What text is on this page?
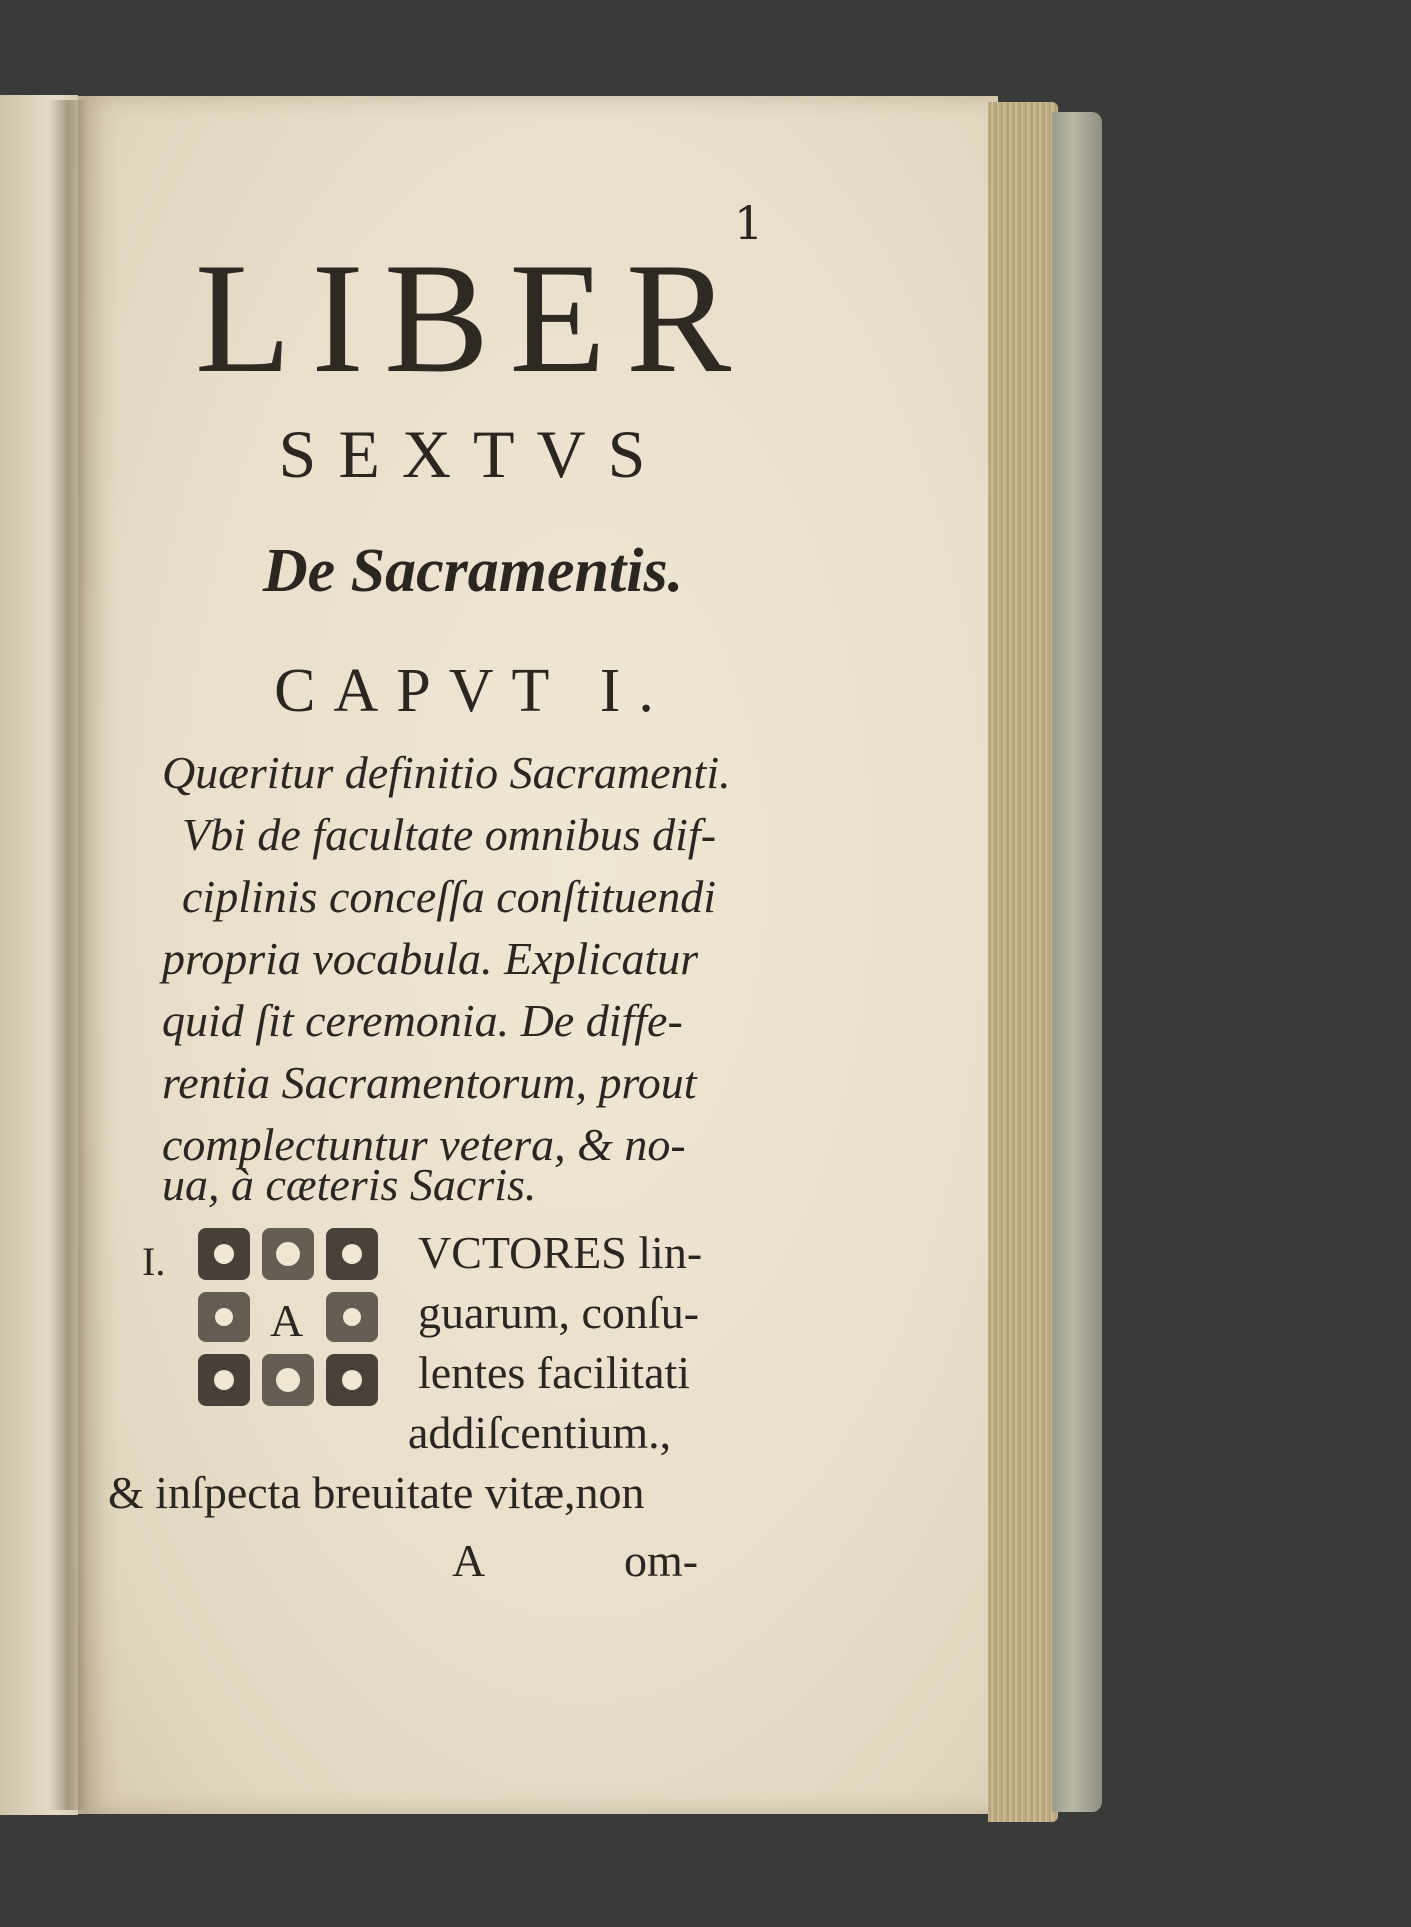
1
LIBER
SEXTVS
De Sacramentis.
CAPVT I.
Quæritur definitio Sacramenti.
Vbi de facultate omnibus dif-
ciplinis conceſſa conſtituendi
propria vocabula. Explicatur
quid ſit ceremonia. De diffe-
rentia Sacramentorum, prout
complectuntur vetera, & no-
ua, à cæteris Sacris.
I.
A
VCTORES lin-
guarum, conſu-
lentes facilitati
addiſcentium.,
& inſpecta breuitate vitæ,non
A	om-
